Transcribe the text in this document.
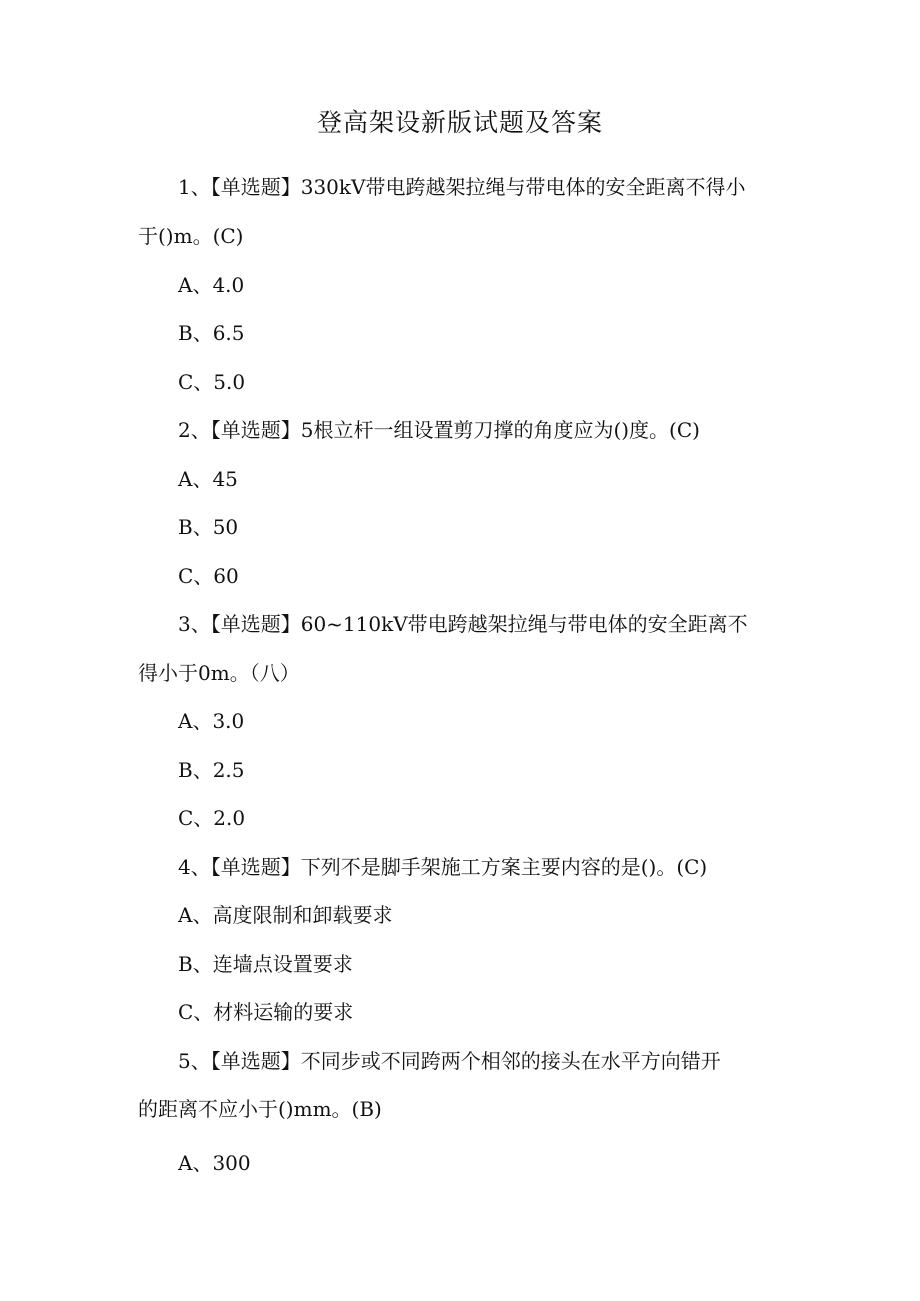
登高架设新版试题及答案
1、【单选题】330kV带电跨越架拉绳与带电体的安全距离不得小
于()m。(C)
A、4.0
B、6.5
C、5.0
2、【单选题】5根立杆一组设置剪刀撑的角度应为()度。(C)
A、45
B、50
C、60
3、【单选题】60~110kV带电跨越架拉绳与带电体的安全距离不
得小于0m。（八）
A、3.0
B、2.5
C、2.0
4、【单选题】下列不是脚手架施工方案主要内容的是()。(C)
A、高度限制和卸载要求
B、连墙点设置要求
C、材料运输的要求
5、【单选题】不同步或不同跨两个相邻的接头在水平方向错开
的距离不应小于()mm。(B)
A、300
